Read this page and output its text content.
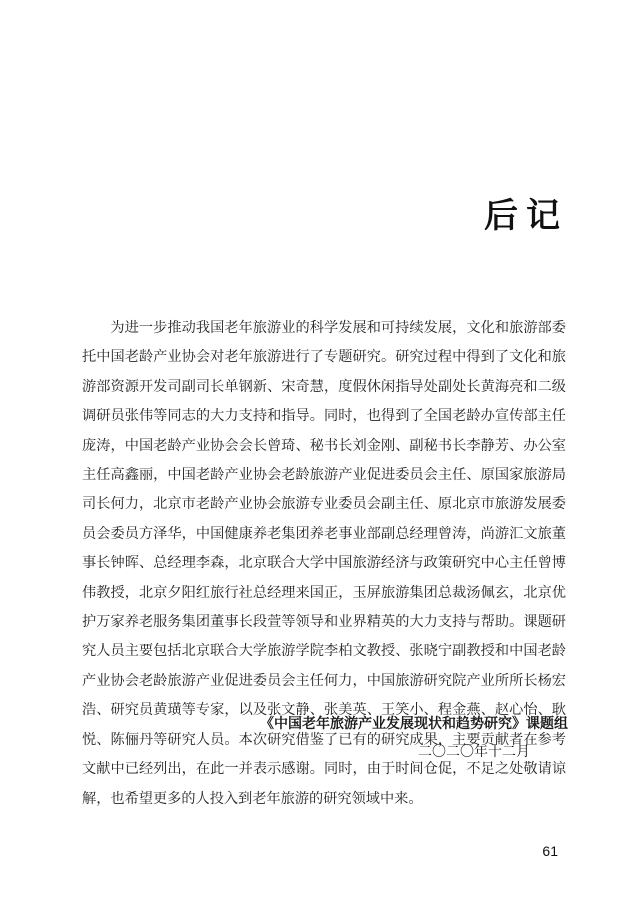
后记

为进一步推动我国老年旅游业的科学发展和可持续发展，文化和旅游部委托中国老龄产业协会对老年旅游进行了专题研究。研究过程中得到了文化和旅游部资源开发司副司长单钢新、宋奇慧，度假休闲指导处副处长黄海亮和二级调研员张伟等同志的大力支持和指导。同时，也得到了全国老龄办宣传部主任庞涛，中国老龄产业协会会长曾琦、秘书长刘金刚、副秘书长李静芳、办公室主任高鑫丽，中国老龄产业协会老龄旅游产业促进委员会主任、原国家旅游局司长何力，北京市老龄产业协会旅游专业委员会副主任、原北京市旅游发展委员会委员方泽华，中国健康养老集团养老事业部副总经理曾涛，尚游汇文旅董事长钟晖、总经理李森，北京联合大学中国旅游经济与政策研究中心主任曾博伟教授，北京夕阳红旅行社总经理来国正，玉屏旅游集团总裁汤佩玄，北京优护万家养老服务集团董事长段萱等领导和业界精英的大力支持与帮助。课题研究人员主要包括北京联合大学旅游学院李柏文教授、张晓宁副教授和中国老龄产业协会老龄旅游产业促进委员会主任何力，中国旅游研究院产业所所长杨宏浩、研究员黄璜等专家，以及张文静、张美英、王笑小、程金燕、赵心怡、耿悦、陈俪丹等研究人员。本次研究借鉴了已有的研究成果，主要贡献者在参考文献中已经列出，在此一并表示感谢。同时，由于时间仓促，不足之处敬请谅解，也希望更多的人投入到老年旅游的研究领域中来。

《中国老年旅游产业发展现状和趋势研究》课题组
二〇二〇年十二月
61
